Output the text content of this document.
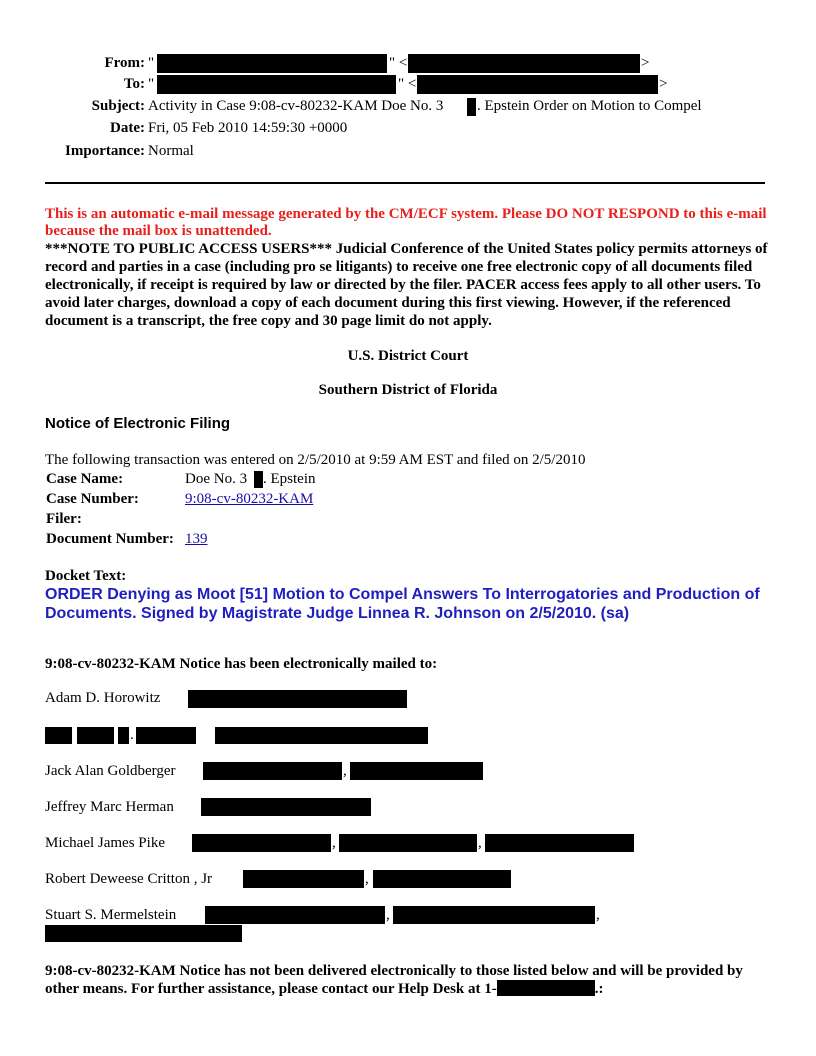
From: "	" <	>
To: "	" <	>
Subject: Activity in Case 9:08-cv-80232-KAM Doe No. 3 . Epstein Order on Motion to Compel
Date: Fri, 05 Feb 2010 14:59:30 +0000
Importance: Normal
This is an automatic e-mail message generated by the CM/ECF system. Please DO NOT RESPOND to this e-mail because the mail box is unattended.
***NOTE TO PUBLIC ACCESS USERS*** Judicial Conference of the United States policy permits attorneys of record and parties in a case (including pro se litigants) to receive one free electronic copy of all documents filed electronically, if receipt is required by law or directed by the filer. PACER access fees apply to all other users. To avoid later charges, download a copy of each document during this first viewing. However, if the referenced document is a transcript, the free copy and 30 page limit do not apply.
U.S. District Court
Southern District of Florida
Notice of Electronic Filing
The following transaction was entered on 2/5/2010 at 9:59 AM EST and filed on 2/5/2010
Case Name:	Doe No. 3 . Epstein
Case Number:	9:08-cv-80232-KAM
Filer:
Document Number: 139
Docket Text:
ORDER Denying as Moot [51] Motion to Compel Answers To Interrogatories and Production of Documents. Signed by Magistrate Judge Linnea R. Johnson on 2/5/2010. (sa)
9:08-cv-80232-KAM Notice has been electronically mailed to:
Adam D. Horowitz
.
Jack Alan Goldberger	,
Jeffrey Marc Herman
Michael James Pike	,	,
Robert Deweese Critton , Jr	,
Stuart S. Mermelstein	,	,
9:08-cv-80232-KAM Notice has not been delivered electronically to those listed below and will be provided by other means. For further assistance, please contact our Help Desk at 1-	.:
